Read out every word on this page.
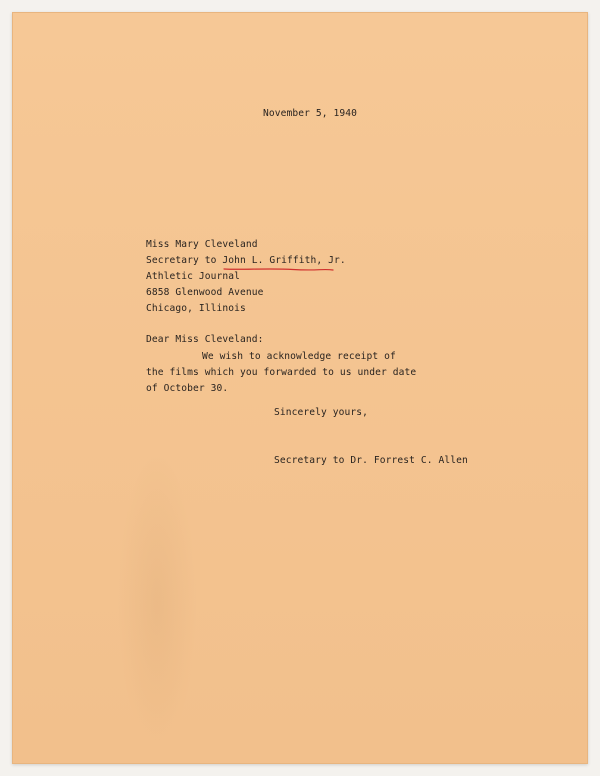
November 5, 1940
Miss Mary Cleveland
Secretary to John L. Griffith, Jr.
Athletic Journal
6858 Glenwood Avenue
Chicago, Illinois
Dear Miss Cleveland:
We wish to acknowledge receipt of
the films which you forwarded to us under date
of October 30.
Sincerely yours,
Secretary to Dr. Forrest C. Allen
